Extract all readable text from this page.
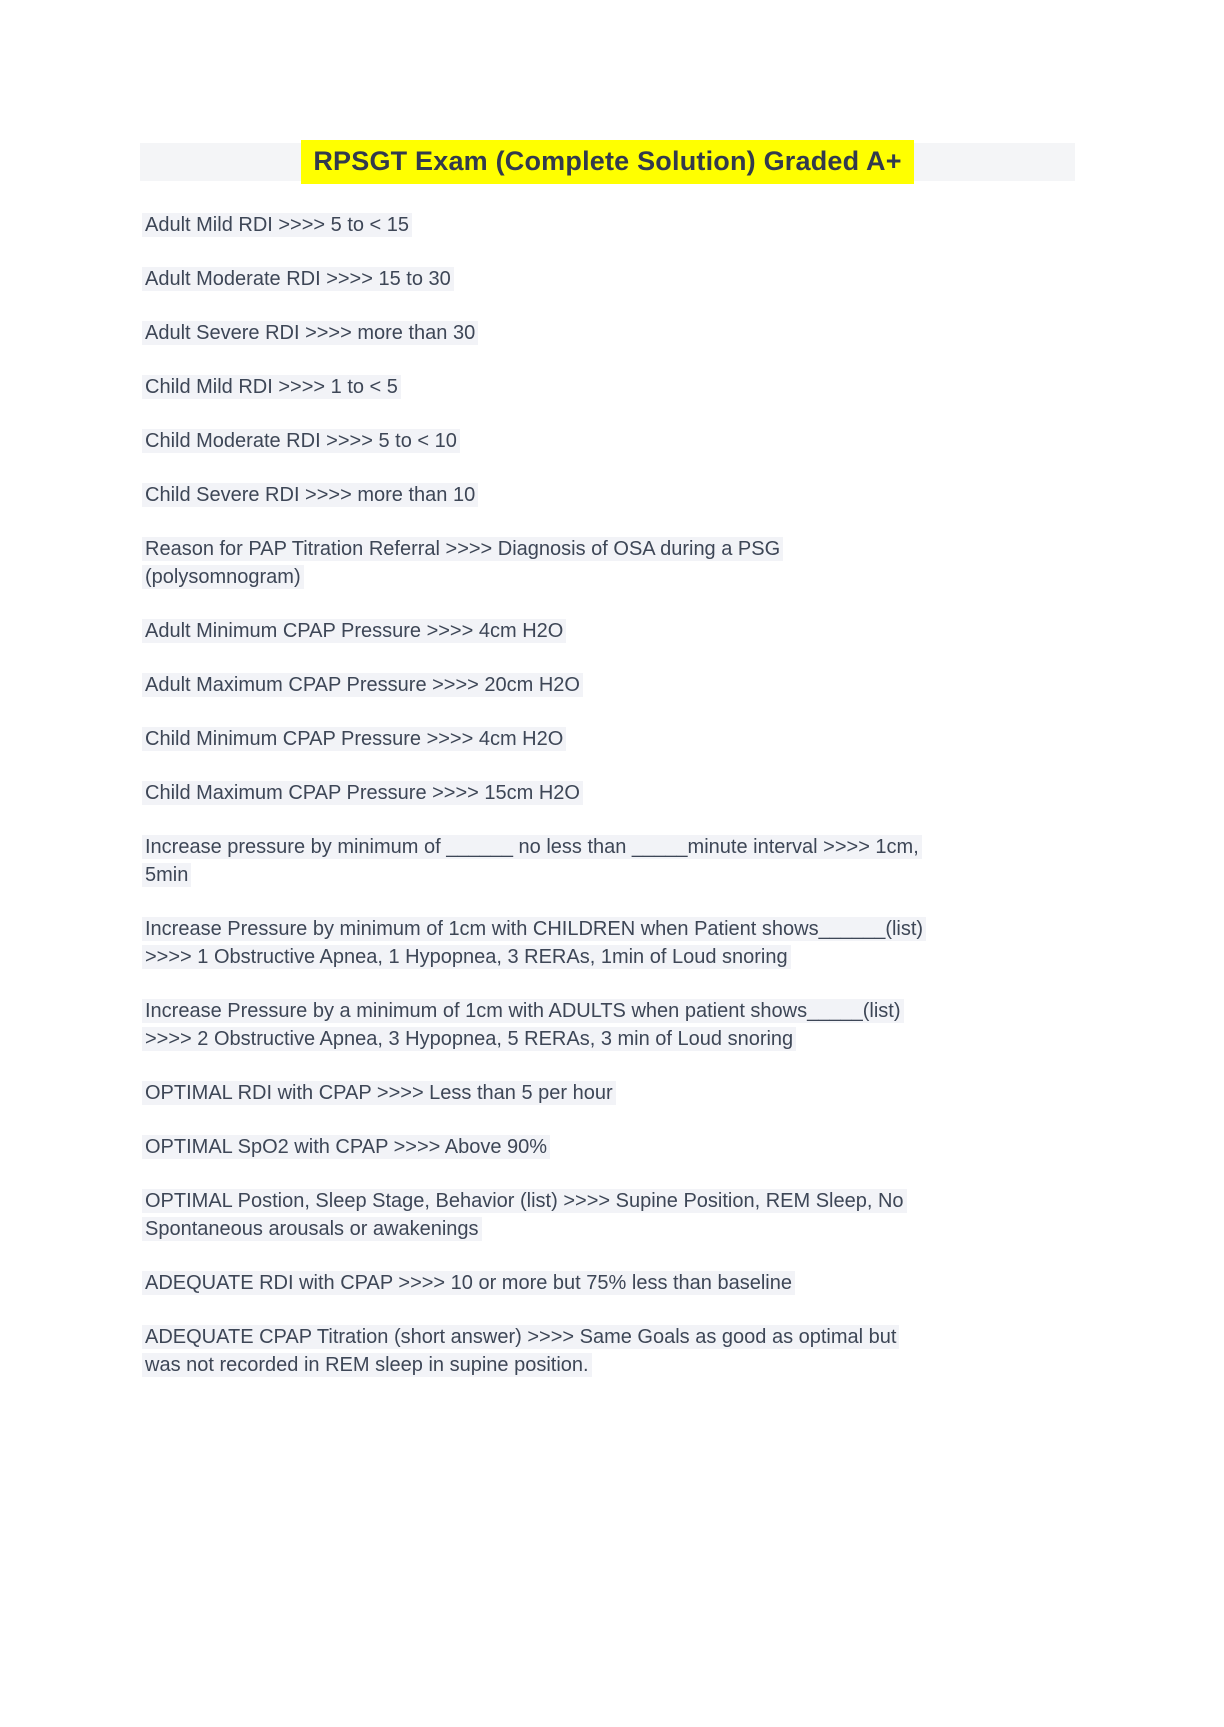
RPSGT Exam (Complete Solution) Graded A+
Adult Mild RDI >>>> 5 to < 15
Adult Moderate RDI >>>> 15 to 30
Adult Severe RDI >>>> more than 30
Child Mild RDI >>>> 1 to < 5
Child Moderate RDI >>>> 5 to < 10
Child Severe RDI >>>> more than 10
Reason for PAP Titration Referral >>>> Diagnosis of OSA during a PSG
(polysomnogram)
Adult Minimum CPAP Pressure >>>> 4cm H2O
Adult Maximum CPAP Pressure >>>> 20cm H2O
Child Minimum CPAP Pressure >>>> 4cm H2O
Child Maximum CPAP Pressure >>>> 15cm H2O
Increase pressure by minimum of ______ no less than _____minute interval >>>> 1cm,
5min
Increase Pressure by minimum of 1cm with CHILDREN when Patient shows______(list)
>>>> 1 Obstructive Apnea, 1 Hypopnea, 3 RERAs, 1min of Loud snoring
Increase Pressure by a minimum of 1cm with ADULTS when patient shows_____(list)
>>>> 2 Obstructive Apnea, 3 Hypopnea, 5 RERAs, 3 min of Loud snoring
OPTIMAL RDI with CPAP >>>> Less than 5 per hour
OPTIMAL SpO2 with CPAP >>>> Above 90%
OPTIMAL Postion, Sleep Stage, Behavior (list) >>>> Supine Position, REM Sleep, No
Spontaneous arousals or awakenings
ADEQUATE RDI with CPAP >>>> 10 or more but 75% less than baseline
ADEQUATE CPAP Titration (short answer) >>>> Same Goals as good as optimal but
was not recorded in REM sleep in supine position.
